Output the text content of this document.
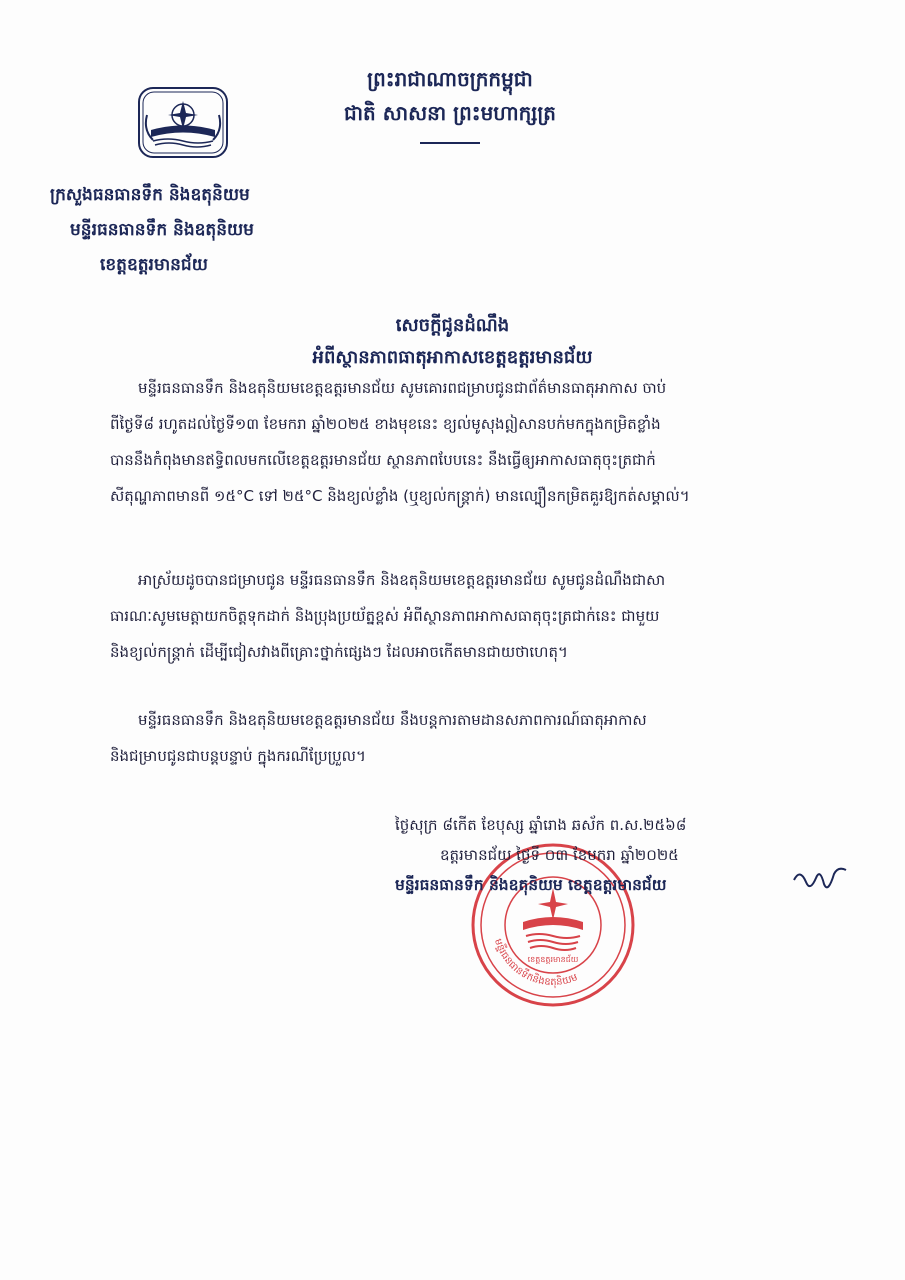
ព្រះរាជាណាចក្រកម្ពុជា
ជាតិ សាសនា ព្រះមហាក្សត្រ
ក្រសួងធនធានទឹក និងឧតុនិយម
មន្ទីរធនធានទឹក និងឧតុនិយម
ខេត្តឧត្តរមានជ័យ
សេចក្តីជូនដំណឹង
អំពីស្ថានភាពធាតុអាកាសខេត្តឧត្តរមានជ័យ
មន្ទីរធនធានទឹក និងឧតុនិយមខេត្តឧត្តរមានជ័យ សូមគោរពជម្រាបជូនជាព័ត៌មានធាតុអាកាស ចាប់
ពីថ្ងៃទី៨ រហូតដល់ថ្ងៃទី១៣ ខែមករា ឆ្នាំ២០២៥ ខាងមុខនេះ ខ្យល់មូសុងឦសានបក់មកក្នុងកម្រិតខ្លាំង
បាននឹងកំពុងមានឥទ្ធិពលមកលើខេត្តឧត្តរមានជ័យ ស្ថានភាពបែបនេះ នឹងធ្វើឲ្យអាកាសធាតុចុះត្រជាក់
សីតុណ្ហភាពមានពី ១៥°C ទៅ ២៥°C និងខ្យល់ខ្លាំង (ឬខ្យល់កន្ត្រាក់) មានល្បឿនកម្រិតគួរឱ្យកត់សម្គាល់។
អាស្រ័យដូចបានជម្រាបជូន មន្ទីរធនធានទឹក និងឧតុនិយមខេត្តឧត្តរមានជ័យ សូមជូនដំណឹងជាសា
ធារណៈសូមមេត្តាយកចិត្តទុកដាក់ និងប្រុងប្រយ័ត្នខ្ពស់ អំពីស្ថានភាពអាកាសធាតុចុះត្រជាក់នេះ ជាមួយ
និងខ្យល់កន្ត្រាក់ ដើម្បីជៀសវាងពីគ្រោះថ្នាក់ផ្សេងៗ ដែលអាចកើតមានជាយថាហេតុ។
មន្ទីរធនធានទឹក និងឧតុនិយមខេត្តឧត្តរមានជ័យ នឹងបន្តការតាមដានសភាពការណ៍ធាតុអាកាស
និងជម្រាបជូនជាបន្តបន្ទាប់ ក្នុងករណីប្រែប្រួល។
ខេត្តឧត្តរមានជ័យ
មន្ទីរធនធានទឹកនិងឧតុនិយម
ថ្ងៃសុក្រ ៨កើត ខែបុស្ស ឆ្នាំរោង ឆស័ក ព.ស.២៥៦៨
ឧត្តរមានជ័យ ថ្ងៃទី ០៣ ខែមករា ឆ្នាំ២០២៥
មន្ទីរធនធានទឹក និងឧតុនិយម ខេត្តឧត្តរមានជ័យ
